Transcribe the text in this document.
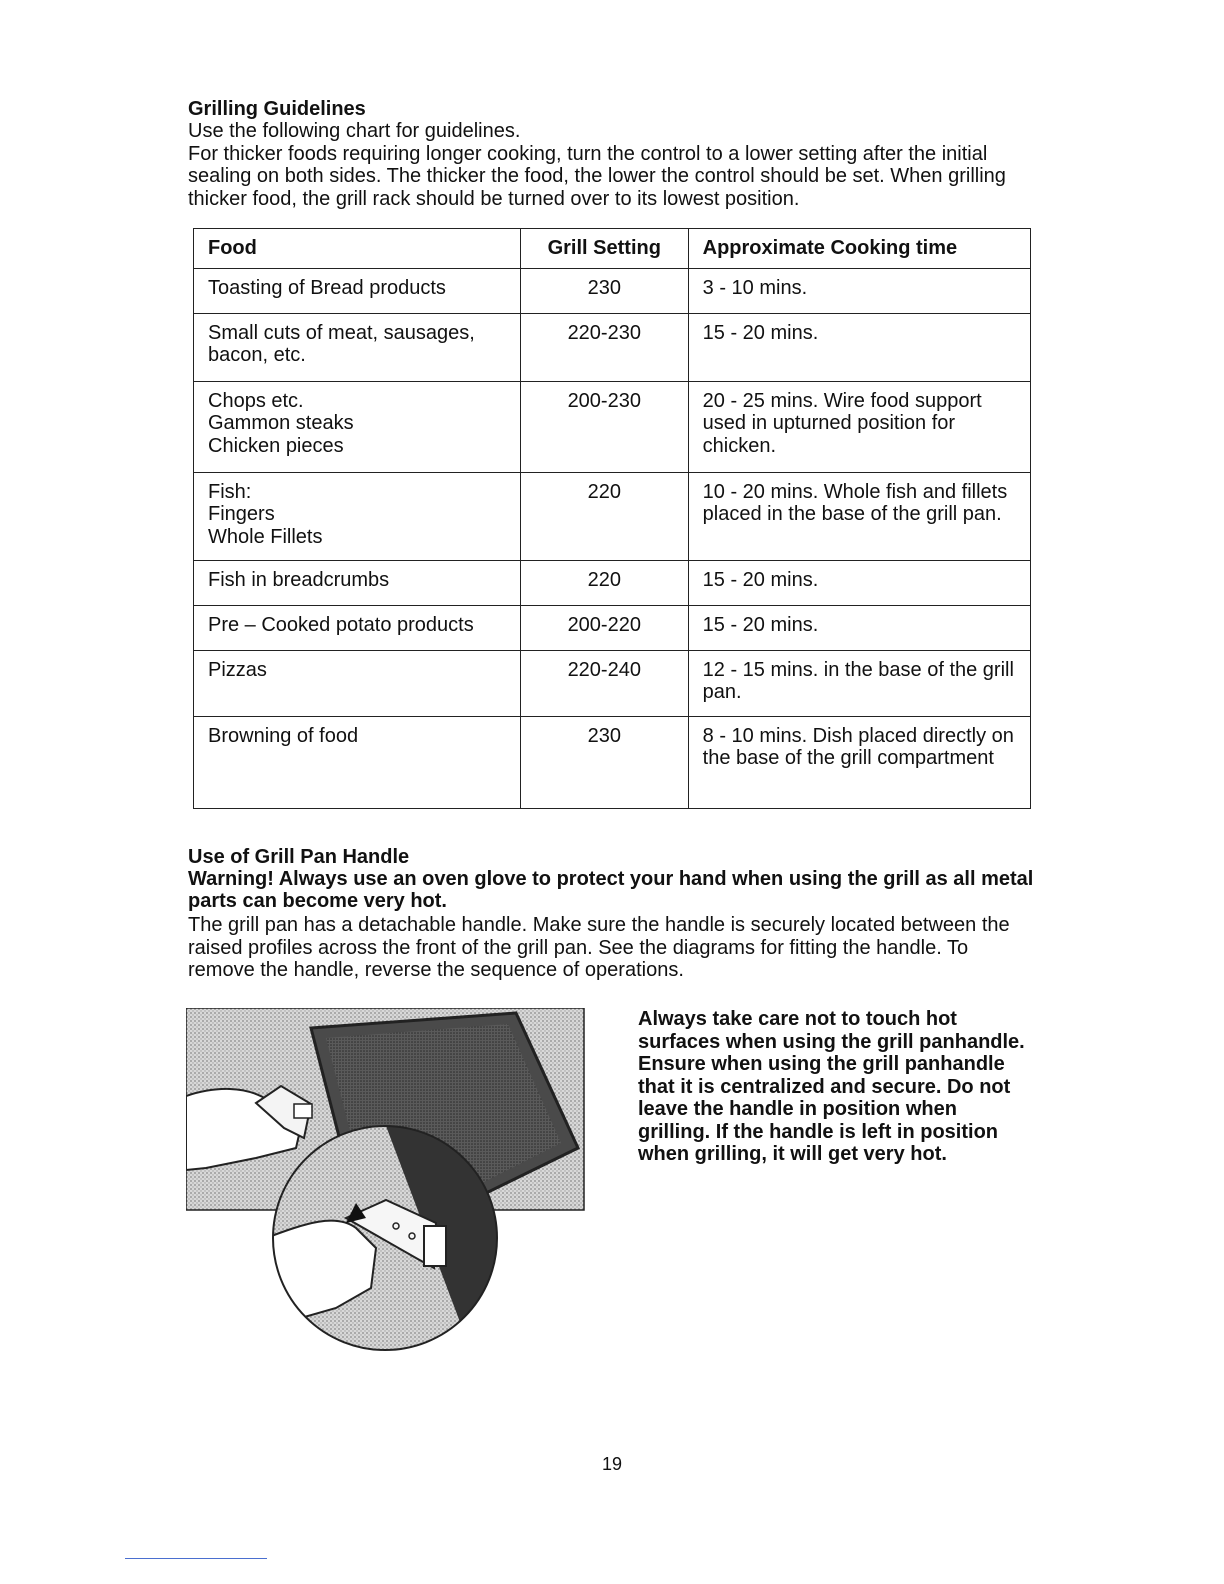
Grilling Guidelines

Use the following chart for guidelines.

For thicker foods requiring longer cooking, turn the control to a lower setting after the initial sealing on both sides. The thicker the food, the lower the control should be set. When grilling thicker food, the grill rack should be turned over to its lowest position.

Food	Grill Setting	Approximate Cooking time

Toasting of Bread products	230	3 - 10 mins.

Small cuts of meat, sausages,
bacon, etc.	220-230	15 - 20 mins.

Chops etc.
Gammon steaks
Chicken pieces	200-230	20 - 25 mins. Wire food support used in upturned position for chicken.

Fish:
Fingers
Whole Fillets	220	10 - 20 mins. Whole fish and fillets placed in the base of the grill pan.

Fish in breadcrumbs	220	15 - 20 mins.

Pre – Cooked potato products	200-220	15 - 20 mins.

Pizzas	220-240	12 - 15 mins. in the base of the grill pan.

Browning of food	230	8 - 10 mins. Dish placed directly on the base of the grill compartment
Use of Grill Pan Handle
Warning! Always use an oven glove to protect your hand when using the grill as all metal parts can become very hot.
The grill pan has a detachable handle. Make sure the handle is securely located between the raised profiles across the front of the grill pan. See the diagrams for fitting the handle. To remove the handle, reverse the sequence of operations.
Always take care not to touch hot surfaces when using the grill panhandle. Ensure when using the grill panhandle that it is centralized and secure. Do not leave the handle in position when grilling. If the handle is left in position when grilling, it will get very hot.
19
